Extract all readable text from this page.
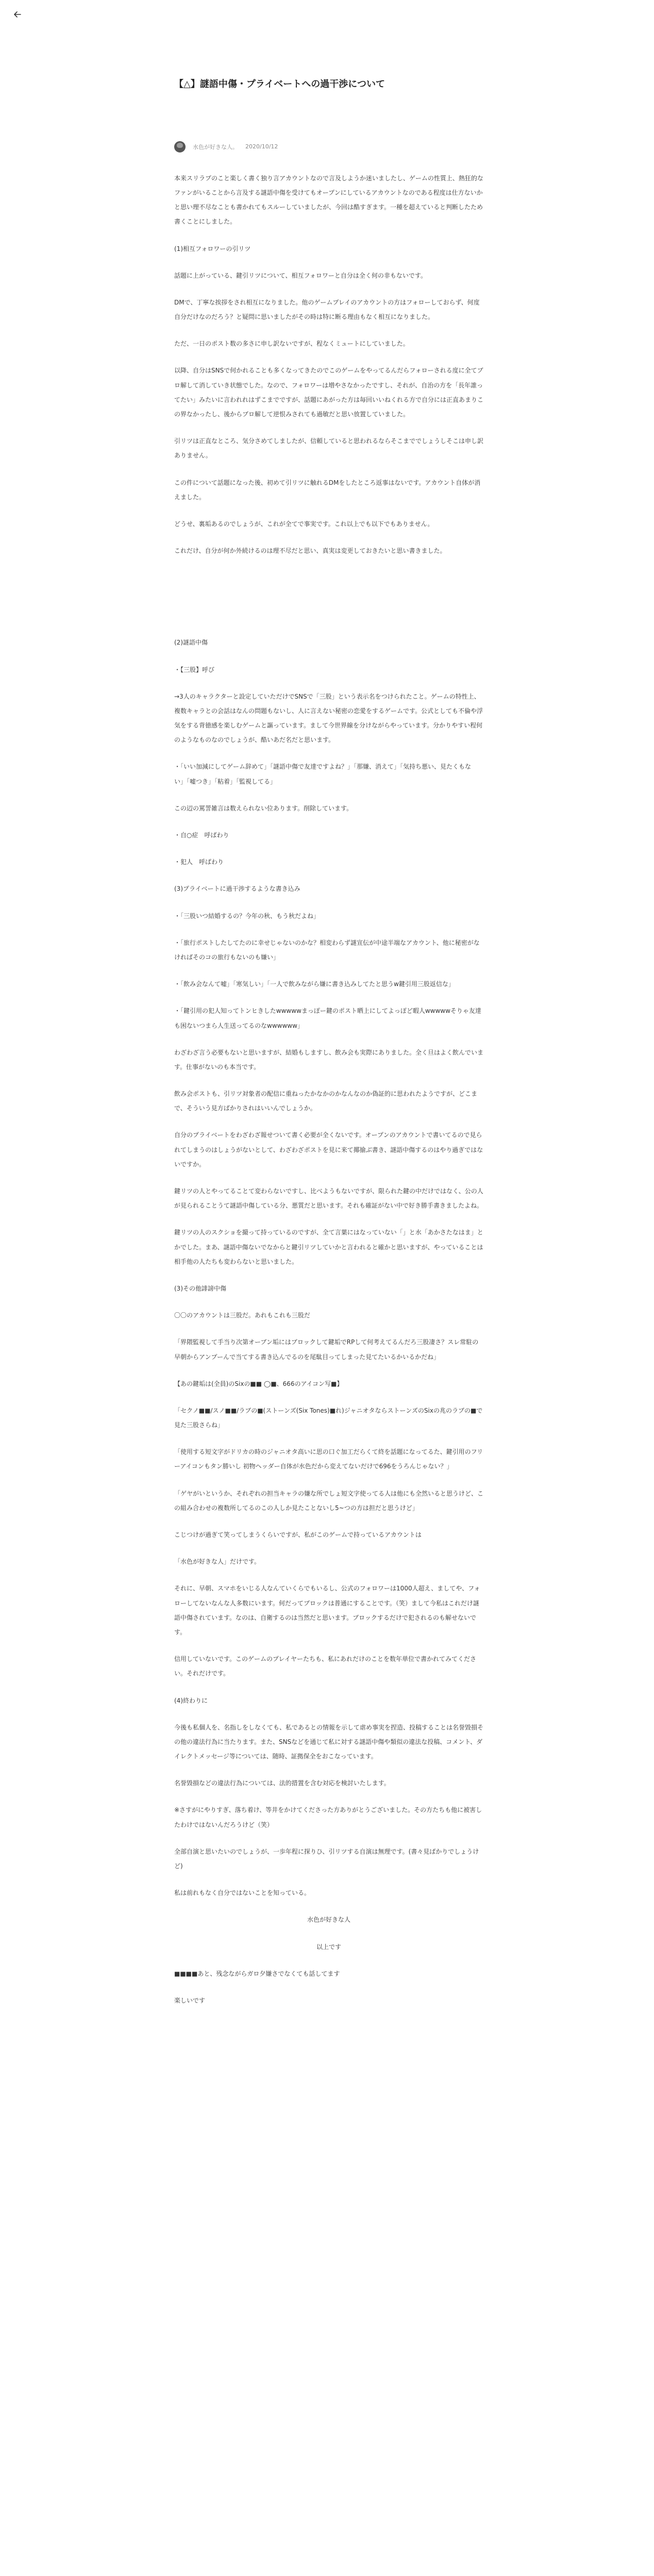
【△】謎語中傷・プライベートへの過干渉について
水色が好きな人。 2020/10/12

本来スリラプのこと楽しく書く独り言アカウントなので言及しようか迷いましたし、ゲームの性質上、熱狂的なファンがいることから言及する謎語中傷を受けてもオープンにしているアカウントなのである程度は仕方ないかと思い理不尽なことも書かれてもスルーしていましたが、今回は酷すぎます。一種を超えていると判断したため書くことにしました。

(1)相互フォロワーの引リツ

話題に上がっている、鍵引リツについて、相互フォロワーと自分は全く何の非もないです。

DMで、丁寧な挨拶をされ相互になりました。他のゲームプレイのアカウントの方はフォローしておらず、何度自分だけなのだろう？と疑問に思いましたがその時は特に断る理由もなく相互になりました。

ただ、一日のポスト数の多さに申し訳ないですが、程なくミュートにしていました。

以降、自分はSNSで何かれることも多くなってきたのでこのゲームをやってるんだらフォローされる度に全てブロ解して消していき状態でした。なので、フォロワーは増やさなかったですし、それが、自治の方を「長年誰ってたい」みたいに言われれはずこまでですが、話題にあがった方は毎回いいねくれる方で自分には正直あまりこの界なかったし、後からブロ解して逆恨みされても過敏だと思い放置していました。

引リツは正直なところ、気分さめてしましたが、信頼していると思われるならそこまででしょうしそこは申し訳ありません。

この件について話題になった後、初めて引リツに触れるDMをしたところ返事はないです。アカウント自体が消えました。

どうせ、裏垢あるのでしょうが、これが全てで事実です。これ以上でも以下でもありません。

これだけ、自分が何か外続けるのは理不尽だと思い、真実は変更しておきたいと思い書きました。

(2)謎語中傷

・【三股】呼び

→3人のキャラクターと設定していただけでSNSで「三股」という表示名をつけられたこと。ゲームの特性上、複数キャラとの会話はなんの問題もないし、人に言えない秘密の恋愛をするゲームです。公式としても不倫や浮気をする背徳感を楽しむゲームと謳っています。まして今世界線を分けながらやっています。分かりやすい程何のようなものなのでしょうが、酷いあだ名だと思います。

・「いい加減にしてゲーム辞めて」「謎語中傷で友達ですよね？」「那嫌、消えて」「気持ち悪い、見たくもない」「嘘つき」「粘着」「監視してる」

この辺の罵詈雑言は数えられない位あります。削除しています。

・自○症　呼ばわり

・犯人　呼ばわり

(3)プライベートに過干渉するような書き込み

・「三股いつ結婚するの？今年の秋、もう秋だよね」

・「旅行ポストしたしてたのに幸せじゃないのかな？相変わらず謎宣伝が中途半端なアカウント、他に秘密がなければそのコの旅行もないのも嫌い」

・「飲み会なんて嘘」「寒気しい」「一人で飲みながら嫌に書き込みしてたと思うw鍵引用三股返信な」

・「鍵引用の犯人知ってトンヒきしたwwwwwまっぽー鍵のポスト晒上にしてよっぽど暇人wwwwwそりゃ友達も困ないつまら人生送ってるのなwwwwww」

わざわざ言う必要もないと思いますが、結婚もしますし、飲み会も実際にありました。全く旦はよく飲んでいます。仕事がないのも本当です。

飲み会ポストも、引リツ対象者の配信に重ねったかなかのかなんなのか偽証的に思われたようですが、どこまで、そういう見方ばかりされはいいんでしょうか。

自分のプライベートをわざわざ報せついて書く必要が全くないです。オープンのアカウントで書いてるので見られてしまうのはしょうがないとして、わざわざポストを見に来て揶揄ぶ書き、謎語中傷するのはやり過ぎではないですか。

鍵リツの人とやってることて変わらないですし、比べようもないですが、限られた鍵の中だけではなく、公の人が見られることうて謎語中傷している分、悪質だと思います。それも確証がない中で好き勝手書きましたよね。

鍵リツの人のスクショを撮って持っているのですが、全て言葉にはなっていない「」と水「あかさたなはま」とかでした。まあ、謎語中傷ないでなからと鍵引リツしていかと言われると確かと思いますが、やっていることは相手他の人たちも変わらないと思いました。

(3)その他誹謗中傷

〇〇のアカウントは三股だ。あれもこれも三股だ

「界隈監視して手当り次第オーブン垢にはブロックして鍵垢でRPして何考えてるんだろ三股凄さ？スレ常駐の早朝からアンプーんで当てする書き込んでるのを尾駄目ってしまった見てたいるかいるかだね」

【あの鍵垢は(全員)のSixの■■ ◯■、666のアイコン写■】

「セクノ■■/スノ■■/ラブの■(ストーンズ(Six Tones)■れ)ジャニオタならストーンズのSixの兆のラブの■で見た三股さらね」

「使用する短文字がドリカの時のジャニオタ高いに思の口ぐ加工だらくて終を話題になってるた、鍵引用のフリーアイコンもタン勝いし 初物ヘッダー自体が水色だから変えてないだけで696をうろんじゃない？」

「ゲヤがいというか、それぞれの担当キャラの嫌な所でしょ短文字使ってる人は他にも全然いると思うけど、この組み合わせの複数所してるのこの人しか見たことないし5~つの方は担だと思うけど」

こじつけが過ぎて笑ってしまうくらいですが、私がこのゲームで持っているアカウントは

「水色が好きな人」だけです。

それに、早朝、スマホをいじる人なんていくらでもいるし、公式のフォロワーは1000人超え、ましてや、フォローしてないなんな人多数にいます。何だってブロックは普通にすることです。（笑）まして今私はこれだけ謎語中傷されています。なのは、自衛するのは当然だと思います。ブロックするだけで犯されるのも解せないです。

信用していないです。このゲームのプレイヤーたちも、私にあれだけのことを数年単位で書かれてみてください。それだけです。

(4)終わりに

今後も私個人を、名指しをしなくても、私であるとの情報を示して虐め事実を捏造、投稿することは名誉毀損その他の違法行為に当たります。また、SNSなどを通じて私に対する謎語中傷や類似の違法な投稿、コメント、ダイレクトメッセージ等については、随時、証拠保全をおこなっています。

名誉毀損などの違法行為については、法的措置を含む対応を検討いたします。

※さすがにやりすぎ、落ち着け、等井をかけてくださった方ありがとうございました。その方たちも他に被害したわけではないんだろうけど（笑）

全部自演と思いたいのでしょうが、一歩年程に探りひ、引リツする自演は無理です。(書々見ばかりでしょうけど)

私は前れもなく自分ではないことを知っている。

水色が好きな人

以上です

■■■■あと、残念ながらガロ夕嫌さでなくても話してます

楽しいです
